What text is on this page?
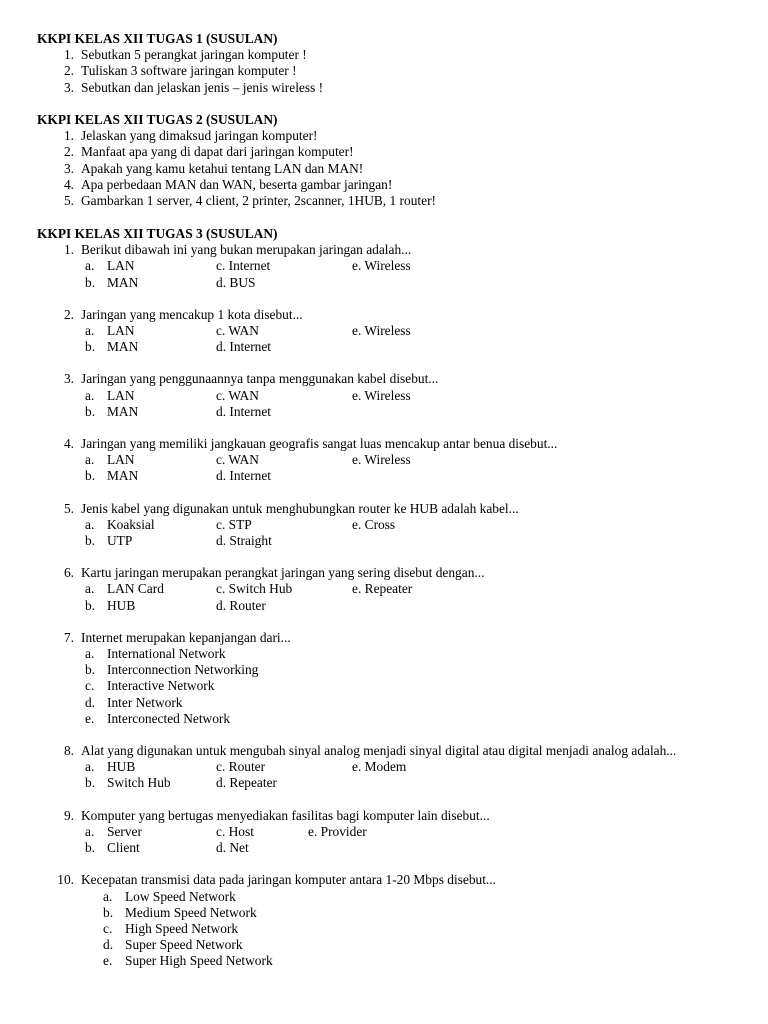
KKPI KELAS XII TUGAS 1 (SUSULAN)
1. Sebutkan 5 perangkat jaringan komputer !
2. Tuliskan 3 software jaringan komputer !
3. Sebutkan dan jelaskan jenis – jenis wireless !
KKPI KELAS XII TUGAS 2 (SUSULAN)
1. Jelaskan yang dimaksud jaringan komputer!
2. Manfaat apa yang di dapat dari jaringan komputer!
3. Apakah yang kamu ketahui tentang LAN dan MAN!
4. Apa perbedaan MAN dan WAN, beserta gambar jaringan!
5. Gambarkan 1 server, 4 client, 2 printer, 2scanner, 1HUB, 1 router!
KKPI KELAS XII TUGAS 3 (SUSULAN)
1. Berikut dibawah ini yang bukan merupakan jaringan adalah...
a. LAN	c. Internet	e. Wireless
b. MAN	d. BUS
2. Jaringan yang mencakup 1 kota disebut...
a. LAN	c. WAN	e. Wireless
b. MAN	d. Internet
3. Jaringan yang penggunaannya tanpa menggunakan kabel disebut...
a. LAN	c. WAN	e. Wireless
b. MAN	d. Internet
4. Jaringan yang memiliki jangkauan geografis sangat luas mencakup antar benua disebut...
a. LAN	c. WAN	e. Wireless
b. MAN	d. Internet
5. Jenis kabel yang digunakan untuk menghubungkan router ke HUB adalah kabel...
a. Koaksial	c. STP	e. Cross
b. UTP	d. Straight
6. Kartu jaringan merupakan perangkat jaringan yang sering disebut dengan...
a. LAN Card	c. Switch Hub	e. Repeater
b. HUB	d. Router
7. Internet merupakan kepanjangan dari...
a. International Network
b. Interconnection Networking
c. Interactive Network
d. Inter Network
e. Interconected Network
8. Alat yang digunakan untuk mengubah sinyal analog menjadi sinyal digital atau digital menjadi analog adalah...
a. HUB	c. Router	e. Modem
b. Switch Hub	d. Repeater
9. Komputer yang bertugas menyediakan fasilitas bagi komputer lain disebut...
a. Server	c. Host	e. Provider
b. Client	d. Net
10. Kecepatan transmisi data pada jaringan komputer antara 1-20 Mbps disebut...
a. Low Speed Network
b. Medium Speed Network
c. High Speed Network
d. Super Speed Network
e. Super High Speed Network
